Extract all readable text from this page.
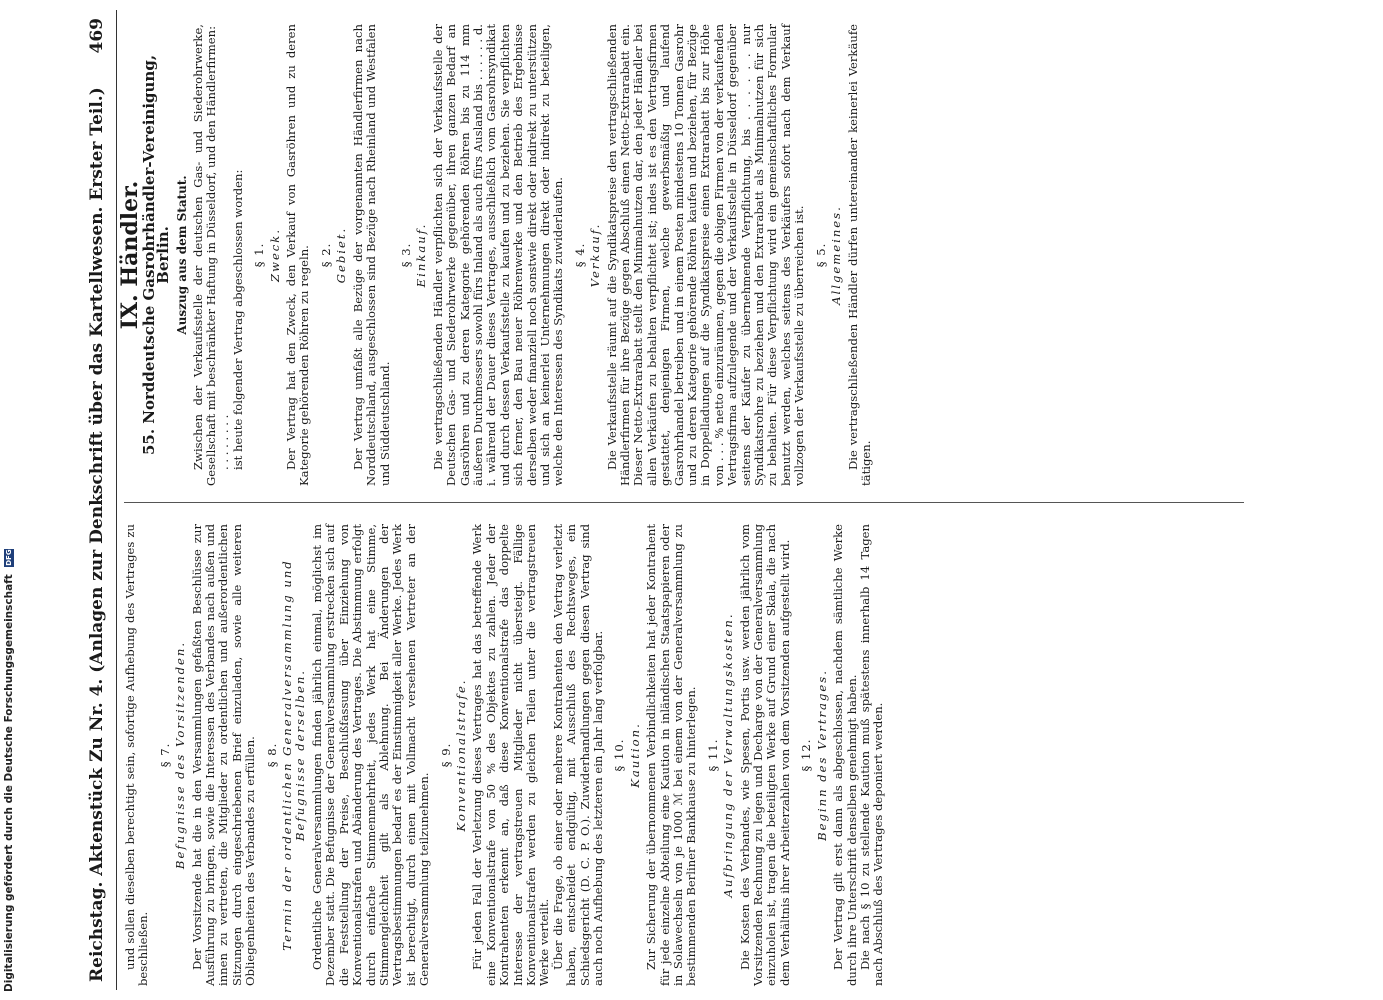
Reichstag. Aktenstück Zu Nr. 4. (Anlagen zur Denkschrift über das Kartellwesen. Erster Teil.)
469

und sollen dieselben berechtigt sein, sofortige Aufhebung des Vertrages zu beschließen.

§ 7. Befugnisse des Vorsitzenden. Der Vorsitzende hat die in den Versammlungen gefaßten Beschlüsse zur Ausführung zu bringen, sowie die Interessen des Verbandes nach außen und innen zu vertreten, die Mitglieder zu ordentlichen und außerordentlichen Sitzungen durch eingeschriebenen Brief einzuladen, sowie alle weiteren Obliegenheiten des Verbandes zu erfüllen. § 8. Termin der ordentlichen Generalversammlung und Befugnisse derselben. Ordentliche Generalversammlungen finden jährlich einmal, möglichst im Dezember statt. Die Befugnisse der Generalversammlung erstrecken sich auf die Feststellung der Preise, Beschlußfassung über Einziehung von Konventionalstrafen und Abänderung des Vertrages. Die Abstimmung erfolgt durch einfache Stimmenmehrheit, jedes Werk hat eine Stimme, Stimmengleichheit gilt als Ablehnung. Bei Änderungen der Vertragsbestimmungen bedarf es der Einstimmigkeit aller Werke. Jedes Werk ist berechtigt, durch einen mit Vollmacht versehenen Vertreter an der Generalversammlung teilzunehmen.

§ 9. Konventionalstrafe. Für jeden Fall der Verletzung dieses Vertrages hat das betreffende Werk eine Konventionalstrafe von 50 % des Objektes zu zahlen. Jeder der Kontrahenten erkennt an, daß diese Konventionalstrafe das doppelte Interesse der vertragstreuen Mitglieder nicht übersteigt. Fällige Konventionalstrafen werden zu gleichen Teilen unter die vertragstreuen Werke verteilt. Über die Frage, ob einer oder mehrere Kontrahenten den Vertrag verletzt haben, entscheidet endgültig, mit Ausschluß des Rechtsweges, ein Schiedsgericht (D. C. P. O.). Zuwiderhandlungen gegen diesen Vertrag sind auch noch Aufhebung des letzteren ein Jahr lang verfolgbar. § 10. Kaution. Zur Sicherung der übernommenen Verbindlichkeiten hat jeder Kontrahent für jede einzelne Abteilung eine Kaution in inländischen Staatspapieren oder in Solawechseln von je 1000 ℳ bei einem von der Generalversammlung zu bestimmenden Berliner Bankhause zu hinterlegen. § 11. Aufbringung der Verwaltungskosten. Die Kosten des Verbandes, wie Spesen, Portis usw. werden jährlich vom Vorsitzenden Rechnung zu legen und Decharge von der Generalversammlung einzuholen ist, tragen die beteiligten Werke auf Grund einer Skala, die nach dem Verhältnis ihrer Arbeiterzahlen von dem Vorsitzenden aufgestellt wird. § 12. Beginn des Vertrages. Der Vertrag gilt erst dann als abgeschlossen, nachdem sämtliche Werke durch ihre Unterschrift denselben genehmigt haben. Die nach § 10 zu stellende Kaution muß spätestens innerhalb 14 Tagen nach Abschluß des Vertrages deponiert werden.

IX. Händler.
55. Norddeutsche Gasrohrhändler-Vereinigung, Berlin. Auszug aus dem Statut. Zwischen der Verkaufsstelle der deutschen Gas- und Siederohrwerke, Gesellschaft mit beschränkter Haftung in Düsseldorf, und den Händlerfirmen: . . . . . . . . ist heute folgender Vertrag abgeschlossen worden: § 1. Zweck. Der Vertrag hat den Zweck, den Verkauf von Gasröhren und zu deren Kategorie gehörenden Röhren zu regeln. § 2. Gebiet. Der Vertrag umfaßt alle Bezüge der vorgenannten Händlerfirmen nach Norddeutschland, ausgeschlossen sind Bezüge nach Rheinland und Westfalen und Süddeutschland.

§ 3. Einkauf. Die vertragschließenden Händler verpflichten sich der Verkaufsstelle der Deutschen Gas- und Siederohrwerke gegenüber, ihren ganzen Bedarf an Gasröhren und zu deren Kategorie gehörenden Röhren bis zu 114 mm äußeren Durchmessers sowohl fürs Inland als auch fürs Ausland bis . . . . . . d. i. während der Dauer dieses Vertrages, ausschließlich vom Gasrohrsyndikat und durch dessen Verkaufsstelle zu kaufen und zu beziehen. Sie verpflichten sich ferner, den Bau neuer Röhrenwerke und den Betrieb des Ergebnisse derselben weder finanziell noch sonstwie direkt oder indirekt zu unterstützen und sich an keinerlei Unternehmungen direkt oder indirekt zu beteiligen, welche den Interessen des Syndikats zuwiderlaufen. § 4. Verkauf. Die Verkaufsstelle räumt auf die Syndikatspreise den vertragschließenden Händlerfirmen für ihre Bezüge gegen Abschluß einen Netto-Extrarabatt ein. Dieser Netto-Extrarabatt stellt den Minimalnutzen dar, den jeder Händler bei allen Verkäufen zu behalten verpflichtet ist; indes ist es den Vertragsfirmen gestattet, denjenigen Firmen, welche gewerbsmäßig und laufend Gasrohrhandel betreiben und in einem Posten mindestens 10 Tonnen Gasrohr und zu deren Kategorie gehörende Röhren kaufen und beziehen, für Bezüge in Doppelladungen auf die Syndikatspreise einen Extrarabatt bis zur Höhe von . . . % netto einzuräumen, gegen die obigen Firmen von der verkaufenden Vertragsfirma aufzulegende und der Verkaufsstelle in Düsseldorf gegenüber seitens der Käufer zu übernehmende Verpflichtung, bis . . . . . . nur Syndikatsrohre zu beziehen und den Extrarabatt als Minimalnutzen für sich zu behalten. Für diese Verpflichtung wird ein gemeinschaftliches Formular benutzt werden, welches seitens des Verkäufers sofort nach dem Verkauf vollzogen der Verkaufsstelle zu überreichen ist. § 5. Allgemeines. Die vertragschließenden Händler dürfen untereinander keinerlei Verkäufe tätigen.

Digitalisierung gefördert durch die Deutsche Forschungsgemeinschaft DFG
